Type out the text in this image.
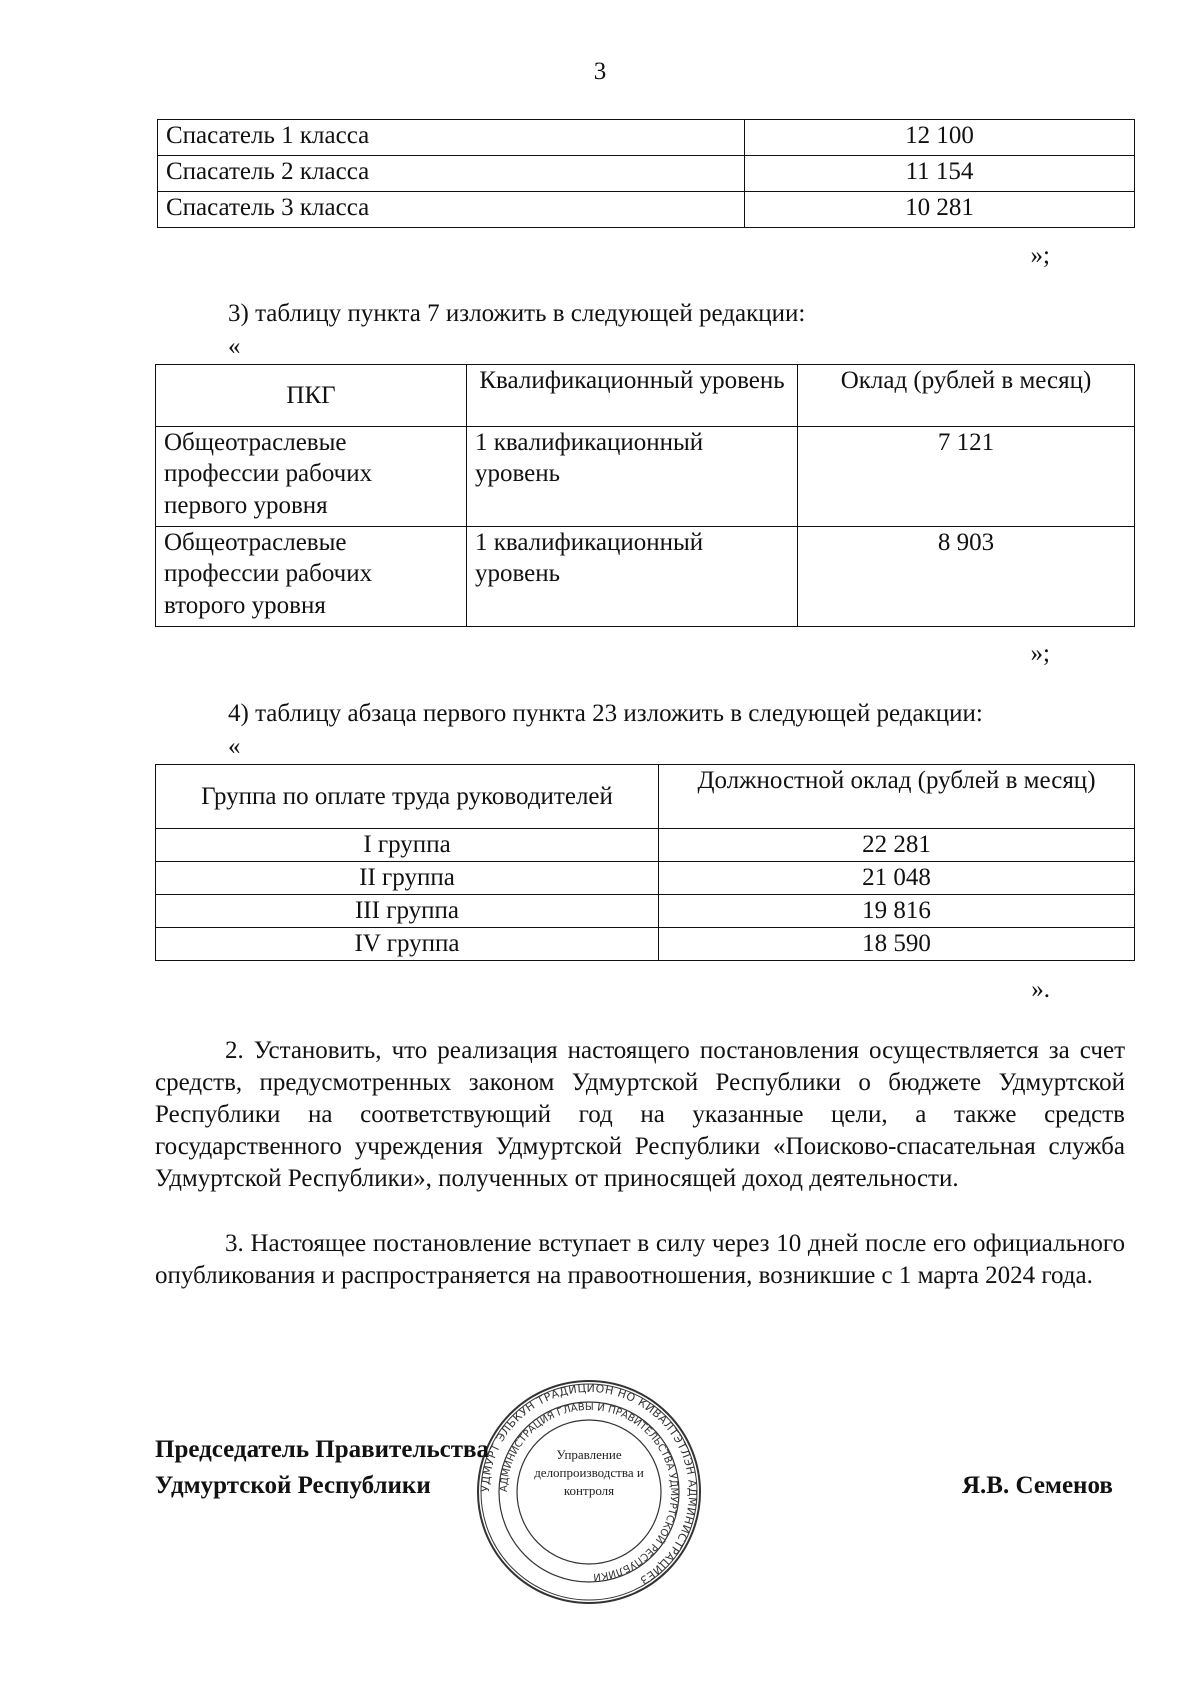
3
Спасатель 1 класса	12 100
Спасатель 2 класса	11 154
Спасатель 3 класса	10 281
»;
3) таблицу пункта 7 изложить в следующей редакции:
«
ПКГ	Квалификационный уровень	Оклад (рублей в месяц)
Общеотраслевые профессии рабочих первого уровня	1 квалификационный уровень	7 121
Общеотраслевые профессии рабочих второго уровня	1 квалификационный уровень	8 903
»;
4) таблицу абзаца первого пункта 23 изложить в следующей редакции:
«
Группа по оплате труда руководителей	Должностной оклад (рублей в месяц)
I группа	22 281
II группа	21 048
III группа	19 816
IV группа	18 590
».
2. Установить, что реализация настоящего постановления осуществляется за счет средств, предусмотренных законом Удмуртской Республики о бюджете Удмуртской Республики на соответствующий год на указанные цели, а также средств государственного учреждения Удмуртской Республики «Поисково-спасательная служба Удмуртской Республики», полученных от приносящей доход деятельности.
3. Настоящее постановление вступает в силу через 10 дней после его официального опубликования и распространяется на правоотношения, возникшие с 1 марта 2024 года.
УДМУРТ ЭЛЬКУН ТРАДИЦИОН НО КИВАЛТЭТЛЭН АДМИНИСТРАЦИЕЗ
АДМИНИСТРАЦИЯ ГЛАВЫ И ПРАВИТЕЛЬСТВА УДМУРТСКОЙ РЕСПУБЛИКИ
Управление делопроизводства и контроля
Председатель Правительства
Удмуртской Республики	Я.В. Семенов
